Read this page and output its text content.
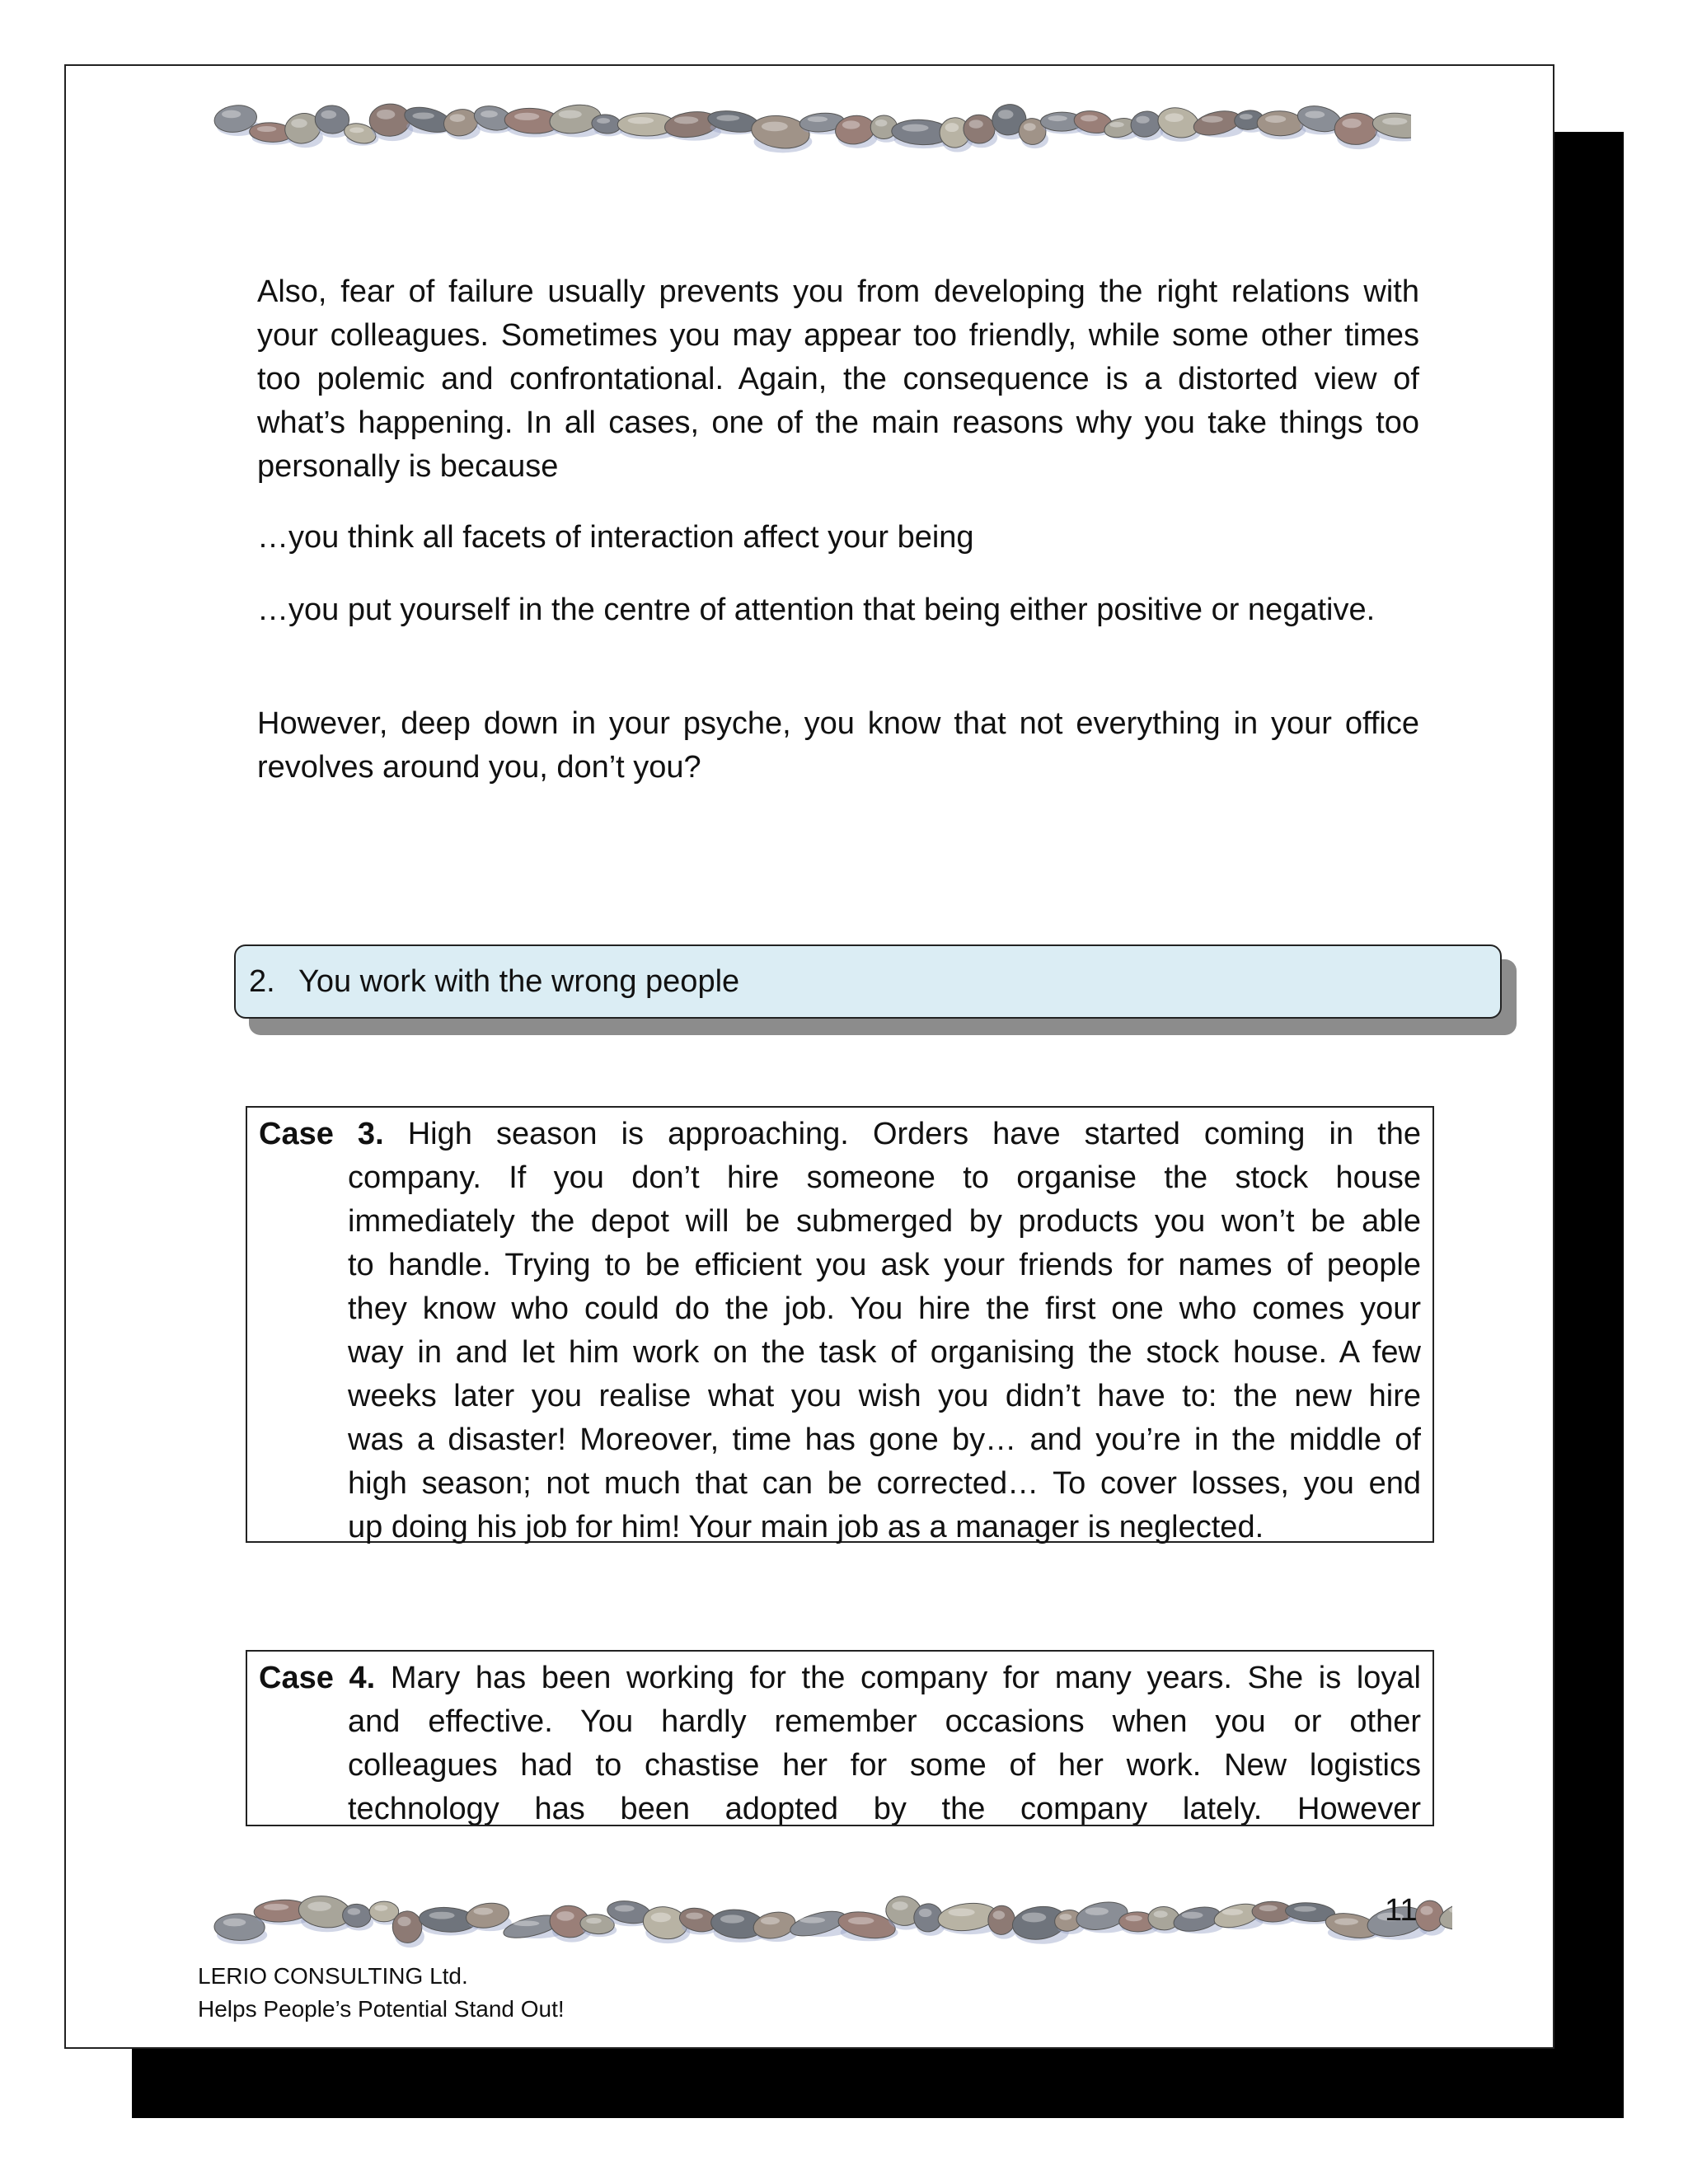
Also, fear of failure usually prevents you from developing the right relations with your colleagues. Sometimes you may appear too friendly, while some other times too polemic and confrontational. Again, the consequence is a distorted view of what’s happening. In all cases, one of the main reasons why you take things too personally is because

…you think all facets of interaction affect your being

…you put yourself in the centre of attention that being either positive or negative.

However, deep down in your psyche, you know that not everything in your office revolves around you, don’t you?

2. You work with the wrong people
Case 3. High season is approaching. Orders have started coming in the
company. If you don’t hire someone to organise the stock house
immediately the depot will be submerged by products you won’t be able
to handle. Trying to be efficient you ask your friends for names of people
they know who could do the job. You hire the first one who comes your
way in and let him work on the task of organising the stock house. A few
weeks later you realise what you wish you didn’t have to: the new hire
was a disaster! Moreover, time has gone by… and you’re in the middle of
high season; not much that can be corrected… To cover losses, you end
up doing his job for him! Your main job as a manager is neglected.
Case 4. Mary has been working for the company for many years. She is loyal
and effective. You hardly remember occasions when you or other
colleagues had to chastise her for some of her work. New logistics
technology has been adopted by the company lately. However
11
LERIO CONSULTING Ltd.
Helps People’s Potential Stand Out!
